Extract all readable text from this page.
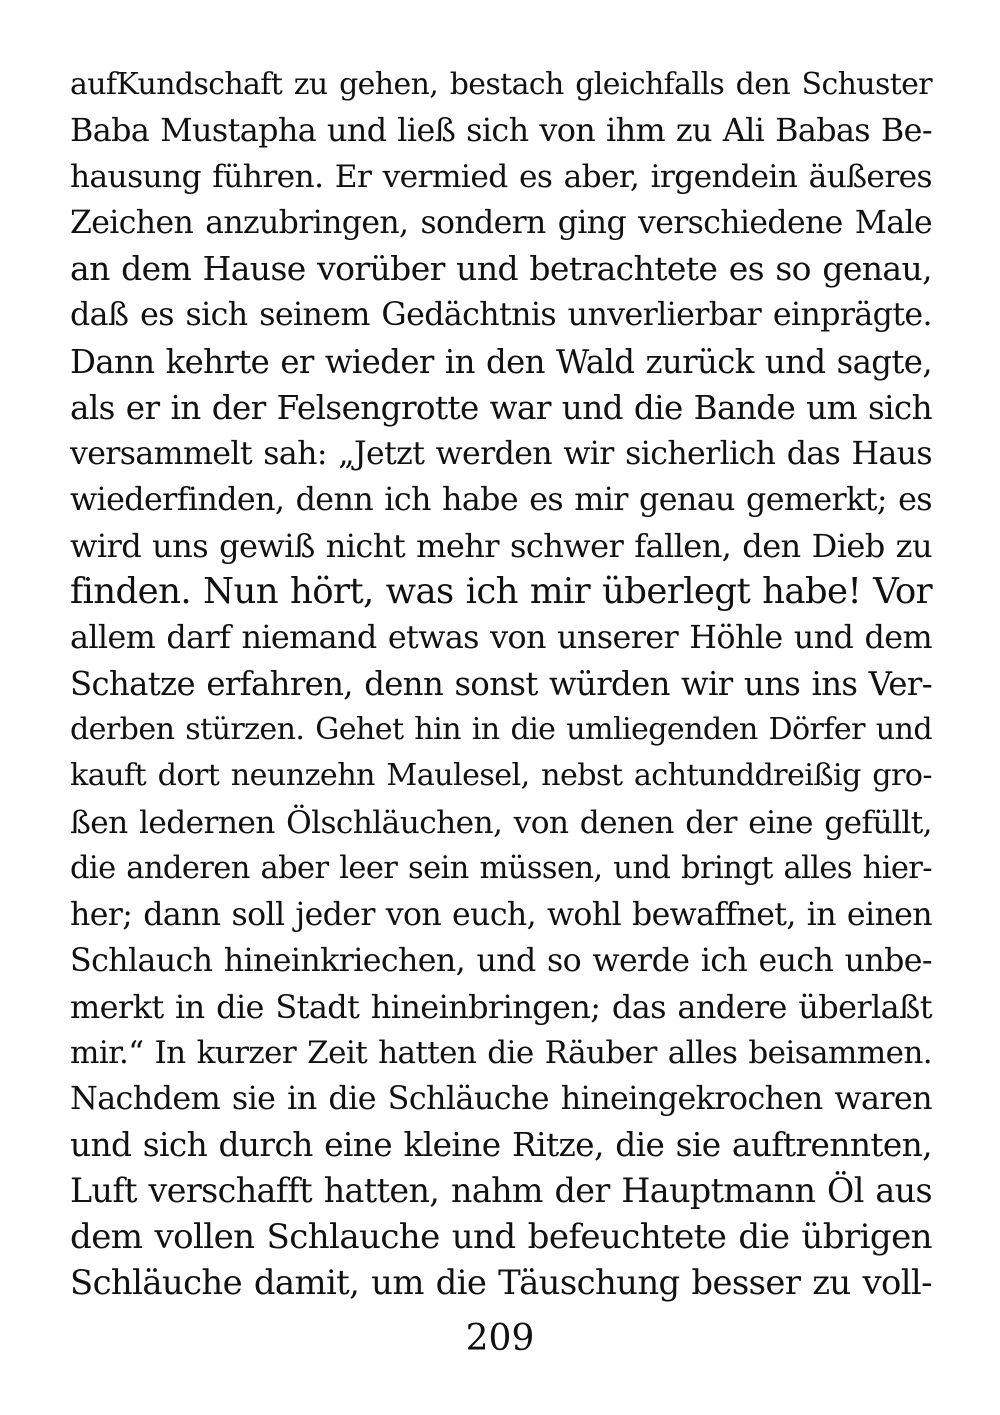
aufKundschaft zu gehen, bestach gleichfalls den Schuster
Baba Mustapha und ließ sich von ihm zu Ali Babas Be-
hausung führen. Er vermied es aber, irgendein äußeres
Zeichen anzubringen, sondern ging verschiedene Male
an dem Hause vorüber und betrachtete es so genau,
daß es sich seinem Gedächtnis unverlierbar einprägte.
Dann kehrte er wieder in den Wald zurück und sagte,
als er in der Felsengrotte war und die Bande um sich
versammelt sah: „Jetzt werden wir sicherlich das Haus
wiederfinden, denn ich habe es mir genau gemerkt; es
wird uns gewiß nicht mehr schwer fallen, den Dieb zu
finden. Nun hört, was ich mir überlegt habe! Vor
allem darf niemand etwas von unserer Höhle und dem
Schatze erfahren, denn sonst würden wir uns ins Ver-
derben stürzen. Gehet hin in die umliegenden Dörfer und
kauft dort neunzehn Maulesel, nebst achtunddreißig gro-
ßen ledernen Ölschläuchen, von denen der eine gefüllt,
die anderen aber leer sein müssen, und bringt alles hier-
her; dann soll jeder von euch, wohl bewaffnet, in einen
Schlauch hineinkriechen, und so werde ich euch unbe-
merkt in die Stadt hineinbringen; das andere überlaßt
mir.“ In kurzer Zeit hatten die Räuber alles beisammen.
Nachdem sie in die Schläuche hineingekrochen waren
und sich durch eine kleine Ritze, die sie auftrennten,
Luft verschafft hatten, nahm der Hauptmann Öl aus
dem vollen Schlauche und befeuchtete die übrigen
Schläuche damit, um die Täuschung besser zu voll-
209
